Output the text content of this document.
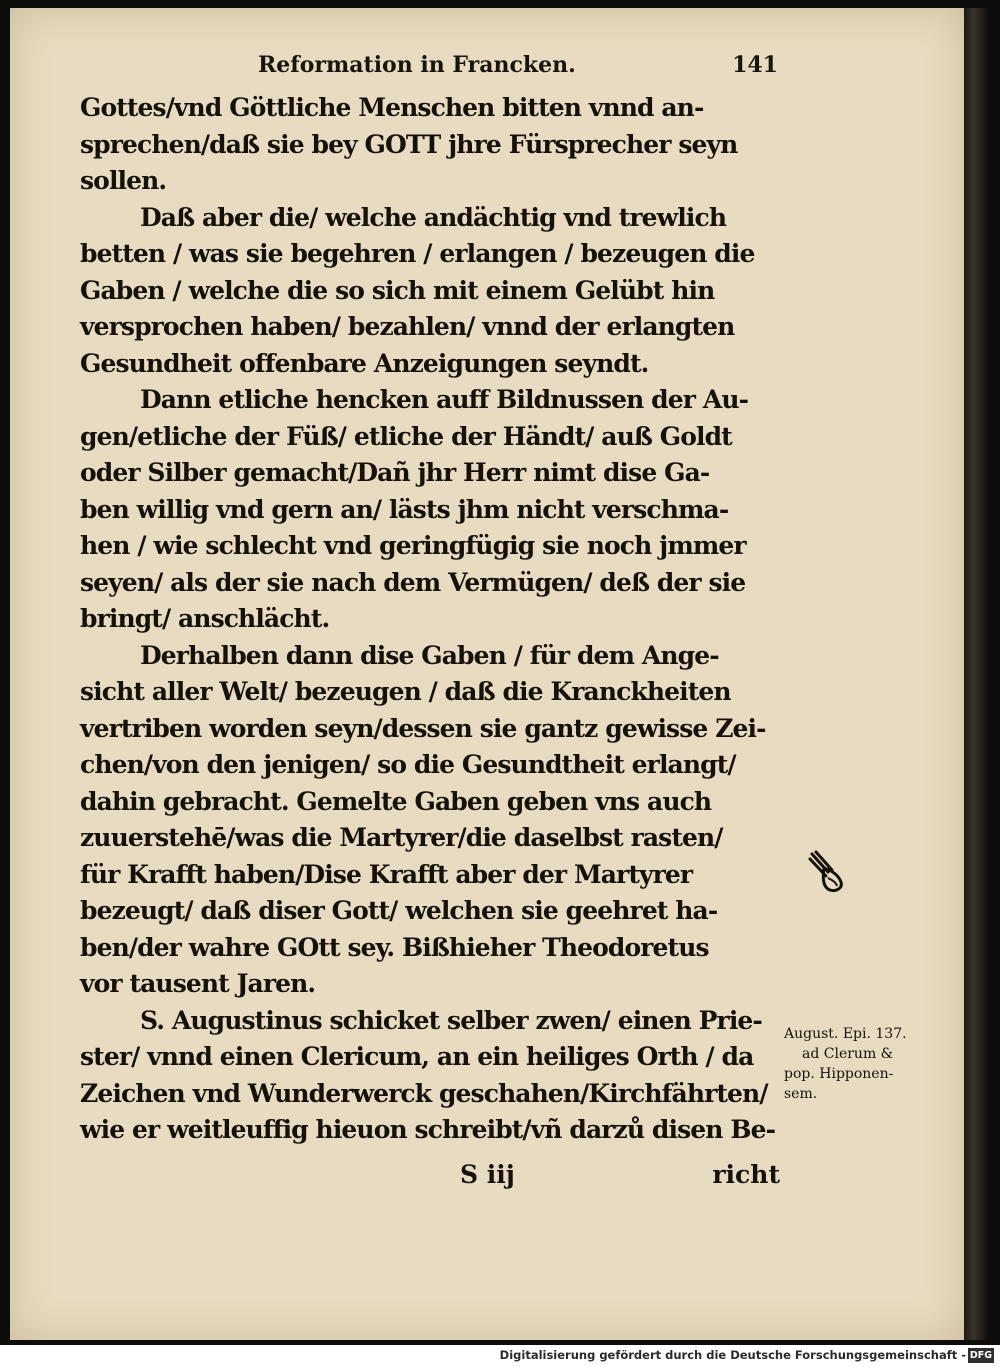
Reformation in Francken.	141
Gottes/vnd Göttliche Menschen bitten vnnd an-
sprechen/daß sie bey GOTT jhre Fürsprecher seyn
sollen.
Daß aber die/ welche andächtig vnd trewlich
betten / was sie begehren / erlangen / bezeugen die
Gaben / welche die so sich mit einem Gelübt hin
versprochen haben/ bezahlen/ vnnd der erlangten
Gesundheit offenbare Anzeigungen seyndt.
Dann etliche hencken auff Bildnussen der Au-
gen/etliche der Füß/ etliche der Händt/ auß Goldt
oder Silber gemacht/Dañ jhr Herr nimt dise Ga-
ben willig vnd gern an/ lästs jhm nicht verschma-
hen / wie schlecht vnd geringfügig sie noch jmmer
seyen/ als der sie nach dem Vermügen/ deß der sie
bringt/ anschlächt.
Derhalben dann dise Gaben / für dem Ange-
sicht aller Welt/ bezeugen / daß die Kranckheiten
vertriben worden seyn/dessen sie gantz gewisse Zei-
chen/von den jenigen/ so die Gesundtheit erlangt/
dahin gebracht. Gemelte Gaben geben vns auch
zuuerstehē/was die Martyrer/die daselbst rasten/
für Krafft haben/Dise Krafft aber der Martyrer
bezeugt/ daß diser Gott/ welchen sie geehret ha-
ben/der wahre GOtt sey. Bißhieher Theodoretus
vor tausent Jaren.
S. Augustinus schicket selber zwen/ einen Prie-
ster/ vnnd einen Clericum, an ein heiliges Orth / da
Zeichen vnd Wunderwerck geschahen/Kirchfährten/
wie er weitleuffig hieuon schreibt/vñ darzů disen Be-
S iij	richt
August. Epi. 137.
ad Clerum &
pop. Hipponen-
sem.
Digitalisierung gefördert durch die Deutsche Forschungsgemeinschaft - DFG
